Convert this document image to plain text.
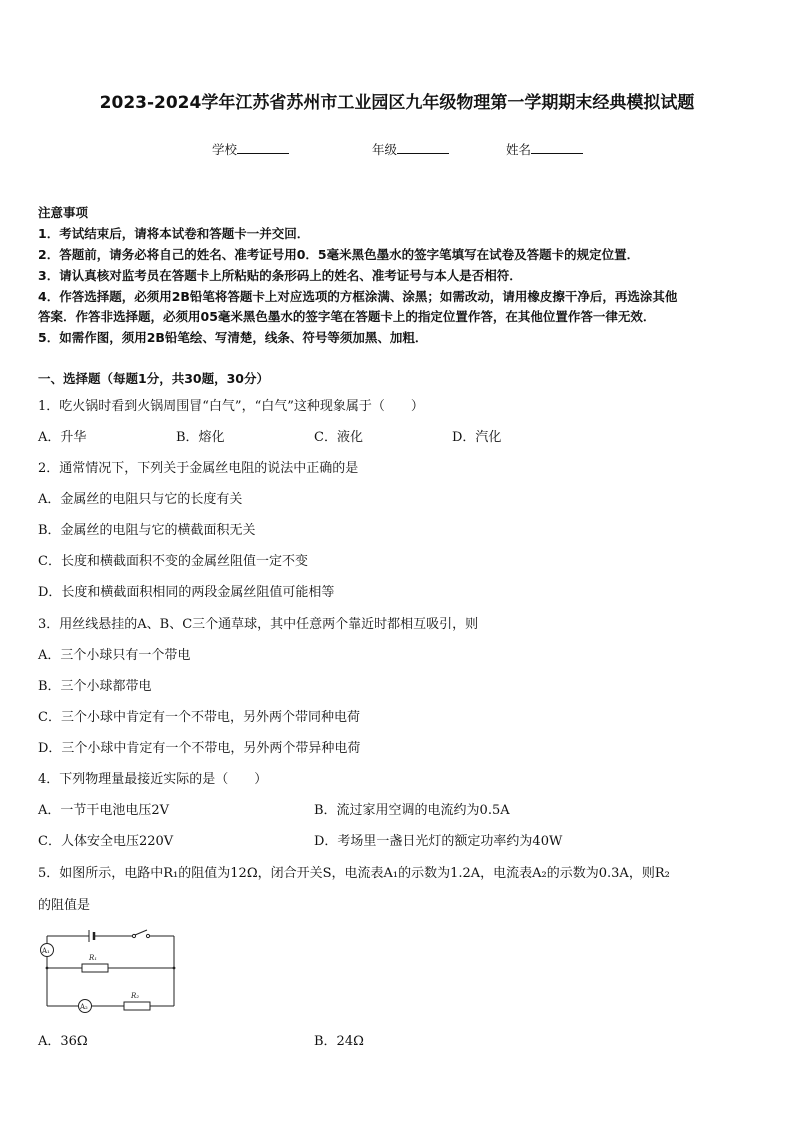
2023-2024学年江苏省苏州市工业园区九年级物理第一学期期末经典模拟试题
学校	年级	姓名
注意事项
1．考试结束后，请将本试卷和答题卡一并交回．
2．答题前，请务必将自己的姓名、准考证号用0．5毫米黑色墨水的签字笔填写在试卷及答题卡的规定位置．
3．请认真核对监考员在答题卡上所粘贴的条形码上的姓名、准考证号与本人是否相符．
4．作答选择题，必须用2B铅笔将答题卡上对应选项的方框涂满、涂黑；如需改动，请用橡皮擦干净后，再选涂其他
答案．作答非选择题，必须用05毫米黑色墨水的签字笔在答题卡上的指定位置作答，在其他位置作答一律无效．
5．如需作图，须用2B铅笔绘、写清楚，线条、符号等须加黑、加粗．
一、选择题（每题1分，共30题，30分）
1．吃火锅时看到火锅周围冒“白气”，“白气”这种现象属于（　　）
A．升华	B．熔化	C．液化	D．汽化
2．通常情况下，下列关于金属丝电阻的说法中正确的是
A．金属丝的电阻只与它的长度有关
B．金属丝的电阻与它的横截面积无关
C．长度和横截面积不变的金属丝阻值一定不变
D．长度和横截面积相同的两段金属丝阻值可能相等
3．用丝线悬挂的A、B、C三个通草球，其中任意两个靠近时都相互吸引，则
A．三个小球只有一个带电
B．三个小球都带电
C．三个小球中肯定有一个不带电，另外两个带同种电荷
D．三个小球中肯定有一个不带电，另外两个带异种电荷
4．下列物理量最接近实际的是（　　）
A．一节干电池电压2V	B．流过家用空调的电流约为0.5A
C．人体安全电压220V	D．考场里一盏日光灯的额定功率约为40W
5．如图所示，电路中R₁的阻值为12Ω，闭合开关S，电流表A₁的示数为1.2A，电流表A₂的示数为0.3A，则R₂
的阻值是
A₁
A₂
R₁
R₂
A．36Ω	B．24Ω
